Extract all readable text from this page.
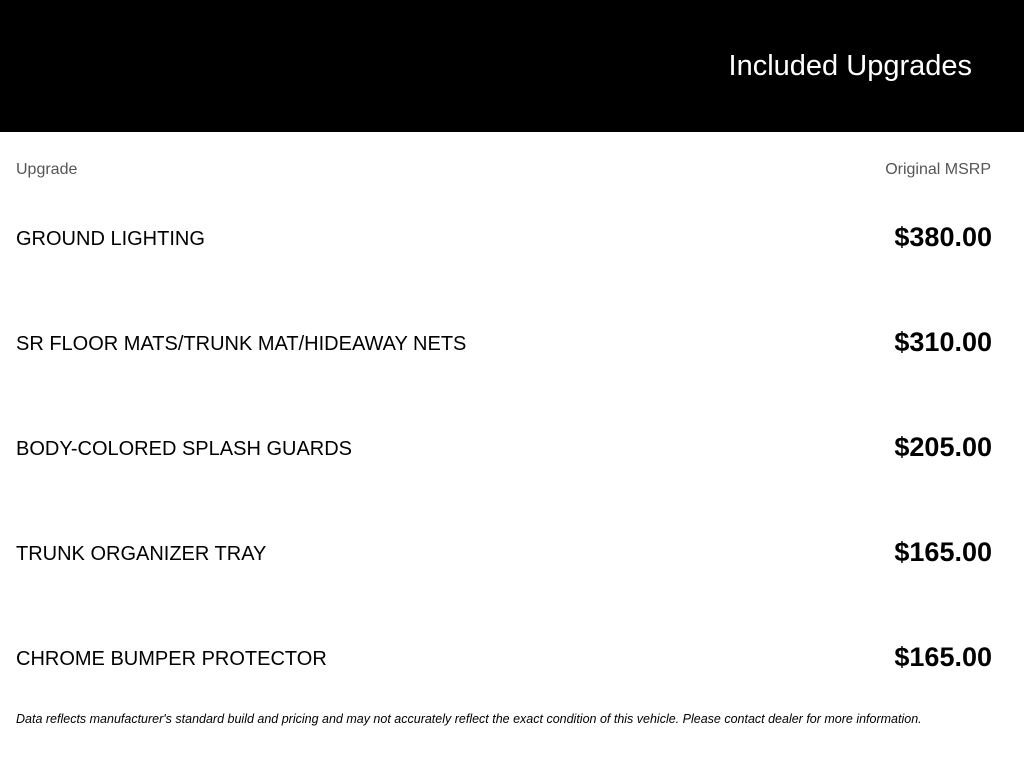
Included Upgrades
Upgrade	Original MSRP
GROUND LIGHTING	$380.00
SR FLOOR MATS/TRUNK MAT/HIDEAWAY NETS	$310.00
BODY-COLORED SPLASH GUARDS	$205.00
TRUNK ORGANIZER TRAY	$165.00
CHROME BUMPER PROTECTOR	$165.00
Data reflects manufacturer's standard build and pricing and may not accurately reflect the exact condition of this vehicle. Please contact dealer for more information.
